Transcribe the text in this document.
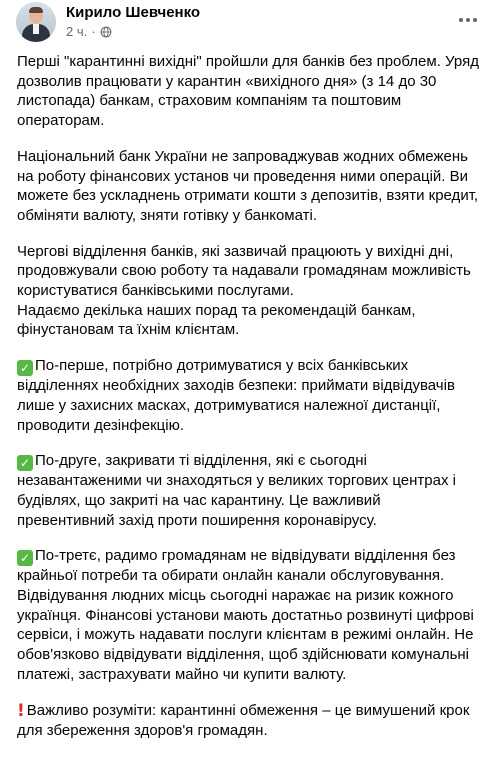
Кирило Шевченко
2 ч. ·

Перші "карантинні вихідні" пройшли для банків без проблем. Уряд дозволив працювати у карантин «вихідного дня» (з 14 до 30 листопада) банкам, страховим компаніям та поштовим операторам.

Національний банк України не запроваджував жодних обмежень на роботу фінансових установ чи проведення ними операцій. Ви можете без ускладнень отримати кошти з депозитів, взяти кредит, обміняти валюту, зняти готівку у банкоматі.

Чергові відділення банків, які зазвичай працюють у вихідні дні, продовжували свою роботу та надавали громадянам можливість користуватися банківськими послугами.

Надаємо декілька наших порад та рекомендацій банкам, фінустановам та їхнім клієнтам.

✓ По-перше, потрібно дотримуватися у всіх банківських відділеннях необхідних заходів безпеки: приймати відвідувачів лише у захисних масках, дотримуватися належної дистанції, проводити дезінфекцію.

✓ По-друге, закривати ті відділення, які є сьогодні незавантаженими чи знаходяться у великих торгових центрах і будівлях, що закриті на час карантину. Це важливий превентивний захід проти поширення коронавірусу.

✓ По-третє, радимо громадянам не відвідувати відділення без крайньої потреби та обирати онлайн канали обслуговування. Відвідування людних місць сьогодні наражає на ризик кожного українця. Фінансові установи мають достатньо розвинуті цифрові сервіси, і можуть надавати послуги клієнтам в режимі онлайн. Не обов'язково відвідувати відділення, щоб здійснювати комунальні платежі, застрахувати майно чи купити валюту.

! Важливо розуміти: карантинні обмеження – це вимушений крок для збереження здоров'я громадян.
